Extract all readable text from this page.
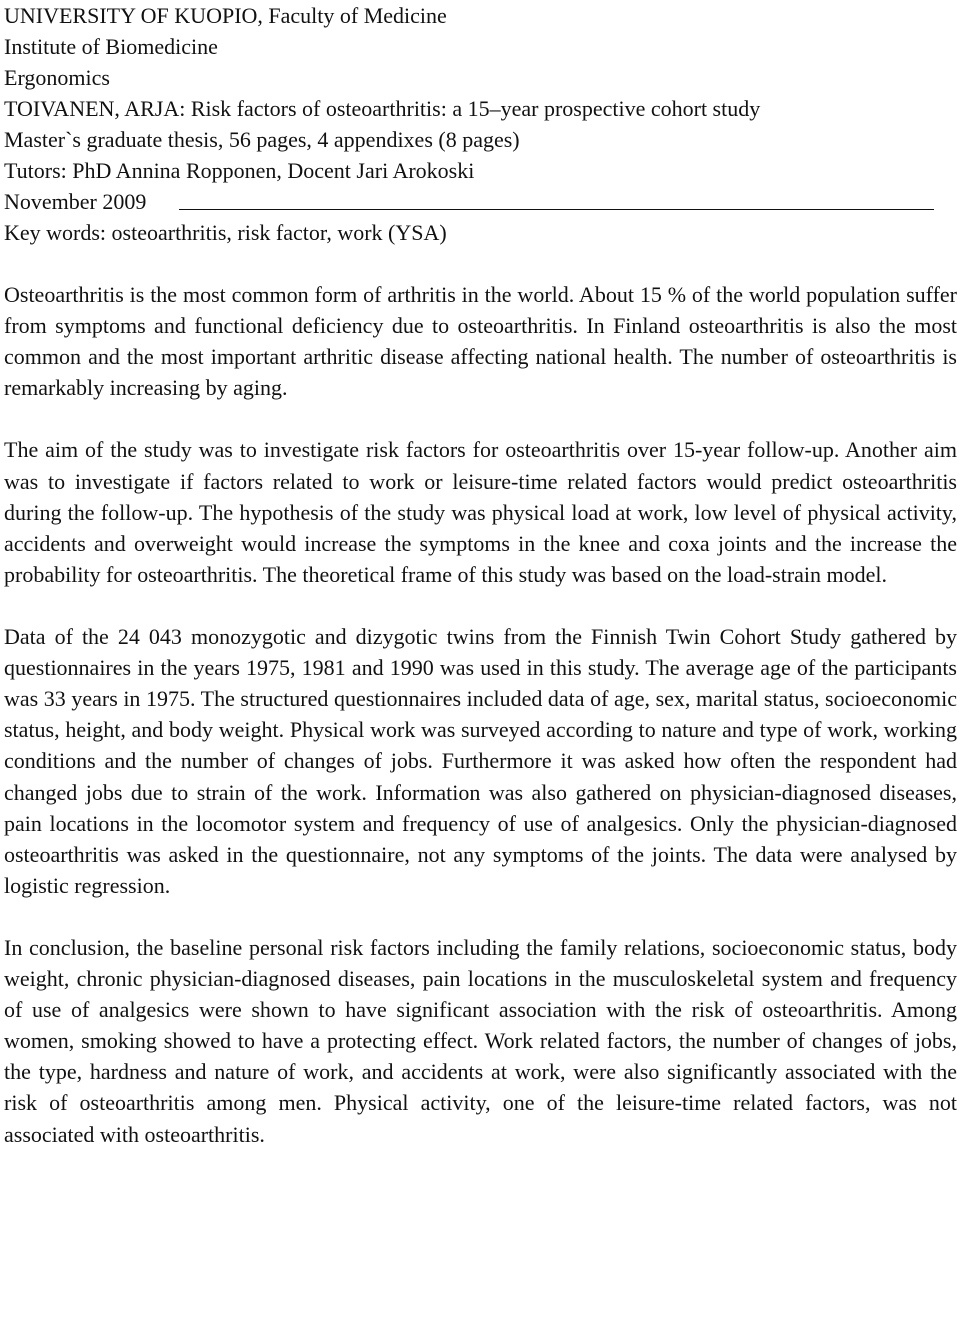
UNIVERSITY OF KUOPIO, Faculty of Medicine

Institute of Biomedicine

Ergonomics

TOIVANEN, ARJA: Risk factors of osteoarthritis: a 15–year prospective cohort study

Master`s graduate thesis, 56 pages, 4 appendixes (8 pages)

Tutors: PhD Annina Ropponen, Docent Jari Arokoski

November 2009

Key words: osteoarthritis, risk factor, work (YSA)

Osteoarthritis is the most common form of arthritis in the world. About 15 % of the world population suffer from symptoms and functional deficiency due to osteoarthritis. In Finland osteoarthritis is also the most common and the most important arthritic disease affecting national health. The number of osteoarthritis is remarkably increasing by aging.

The aim of the study was to investigate risk factors for osteoarthritis over 15-year follow-up. Another aim was to investigate if factors related to work or leisure-time related factors would predict osteoarthritis during the follow-up. The hypothesis of the study was physical load at work, low level of physical activity, accidents and overweight would increase the symptoms in the knee and coxa joints and the increase the probability for osteoarthritis. The theoretical frame of this study was based on the load-strain model.

Data of the 24 043 monozygotic and dizygotic twins from the Finnish Twin Cohort Study gathered by questionnaires in the years 1975, 1981 and 1990 was used in this study. The average age of the participants was 33 years in 1975. The structured questionnaires included data of age, sex, marital status, socioeconomic status, height, and body weight. Physical work was surveyed according to nature and type of work, working conditions and the number of changes of jobs. Furthermore it was asked how often the respondent had changed jobs due to strain of the work. Information was also gathered on physician-diagnosed diseases, pain locations in the locomotor system and frequency of use of analgesics. Only the physician-diagnosed osteoarthritis was asked in the questionnaire, not any symptoms of the joints. The data were analysed by logistic regression.

In conclusion, the baseline personal risk factors including the family relations, socioeconomic status, body weight, chronic physician-diagnosed diseases, pain locations in the musculoskeletal system and frequency of use of analgesics were shown to have significant association with the risk of osteoarthritis. Among women, smoking showed to have a protecting effect. Work related factors, the number of changes of jobs, the type, hardness and nature of work, and accidents at work, were also significantly associated with the risk of osteoarthritis among men. Physical activity, one of the leisure-time related factors, was not associated with osteoarthritis.
